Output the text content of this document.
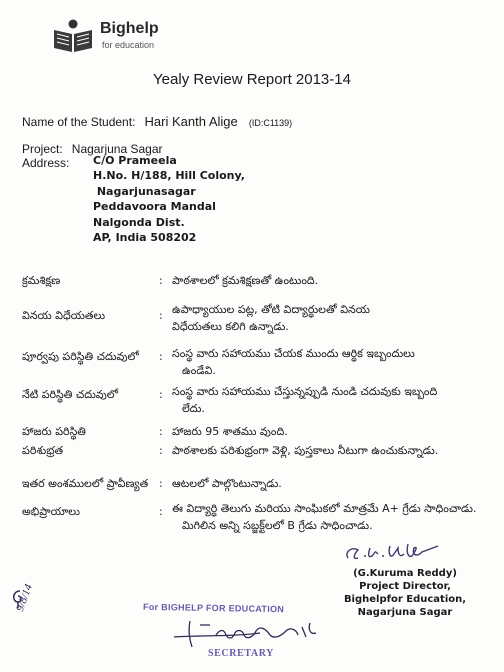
Bighelp
for education
Yealy Review Report 2013-14
Name of the Student: Hari Kanth Alige (ID:C1139)
Project: Nagarjuna Sagar
Address: C/O Prameela
H.No. H/188, Hill Colony,
Nagarjunasagar
Peddavoora Mandal
Nalgonda Dist.
AP, India 508202
క్రమశిక్షణ	: పాఠశాలలో క్రమశిక్షణతో ఉంటుంది.
వినయ విధేయతలు	: ఉపాధ్యాయుల పట్ల, తోటి విద్యార్థులతో వినయ
విధేయతలు కలిగి ఉన్నాడు.
పూర్వపు పరిస్థితి చదువులో	: సంస్థ వారు సహాయము చేయక ముందు ఆర్థిక ఇబ్బందులు
ఉండేవి.
నేటి పరిస్థితి చదువులో	: సంస్థ వారు సహాయము చేస్తున్నప్పుడి నుండి చదువుకు ఇబ్బంది
లేదు.
హాజరు పరిస్థితి	: హాజరు 95 శాతము వుంది.
పరిశుభ్రత	: పాఠశాలకు పరిశుభ్రంగా వెళ్లి, పుస్తకాలు నీటుగా ఉంచుకున్నాడు.
ఇతర అంశములలో ప్రావీణ్యత : ఆటలలో పాల్గొంటున్నాడు.
అభిప్రాయాలు	: ఈ విద్యార్థి తెలుగు మరియు సాంఘికలో మాత్రమే A+ గ్రేడు సాధించాడు.
మిగిలిన అన్ని సబ్జక్ట్‌లలో B గ్రేడు సాధించాడు.
(G.Kuruma Reddy)
Project Director,
Bighelpfor Education,
Nagarjuna Sagar
9/8/14	For BIGHELP FOR EDUCATION
SECRETARY
